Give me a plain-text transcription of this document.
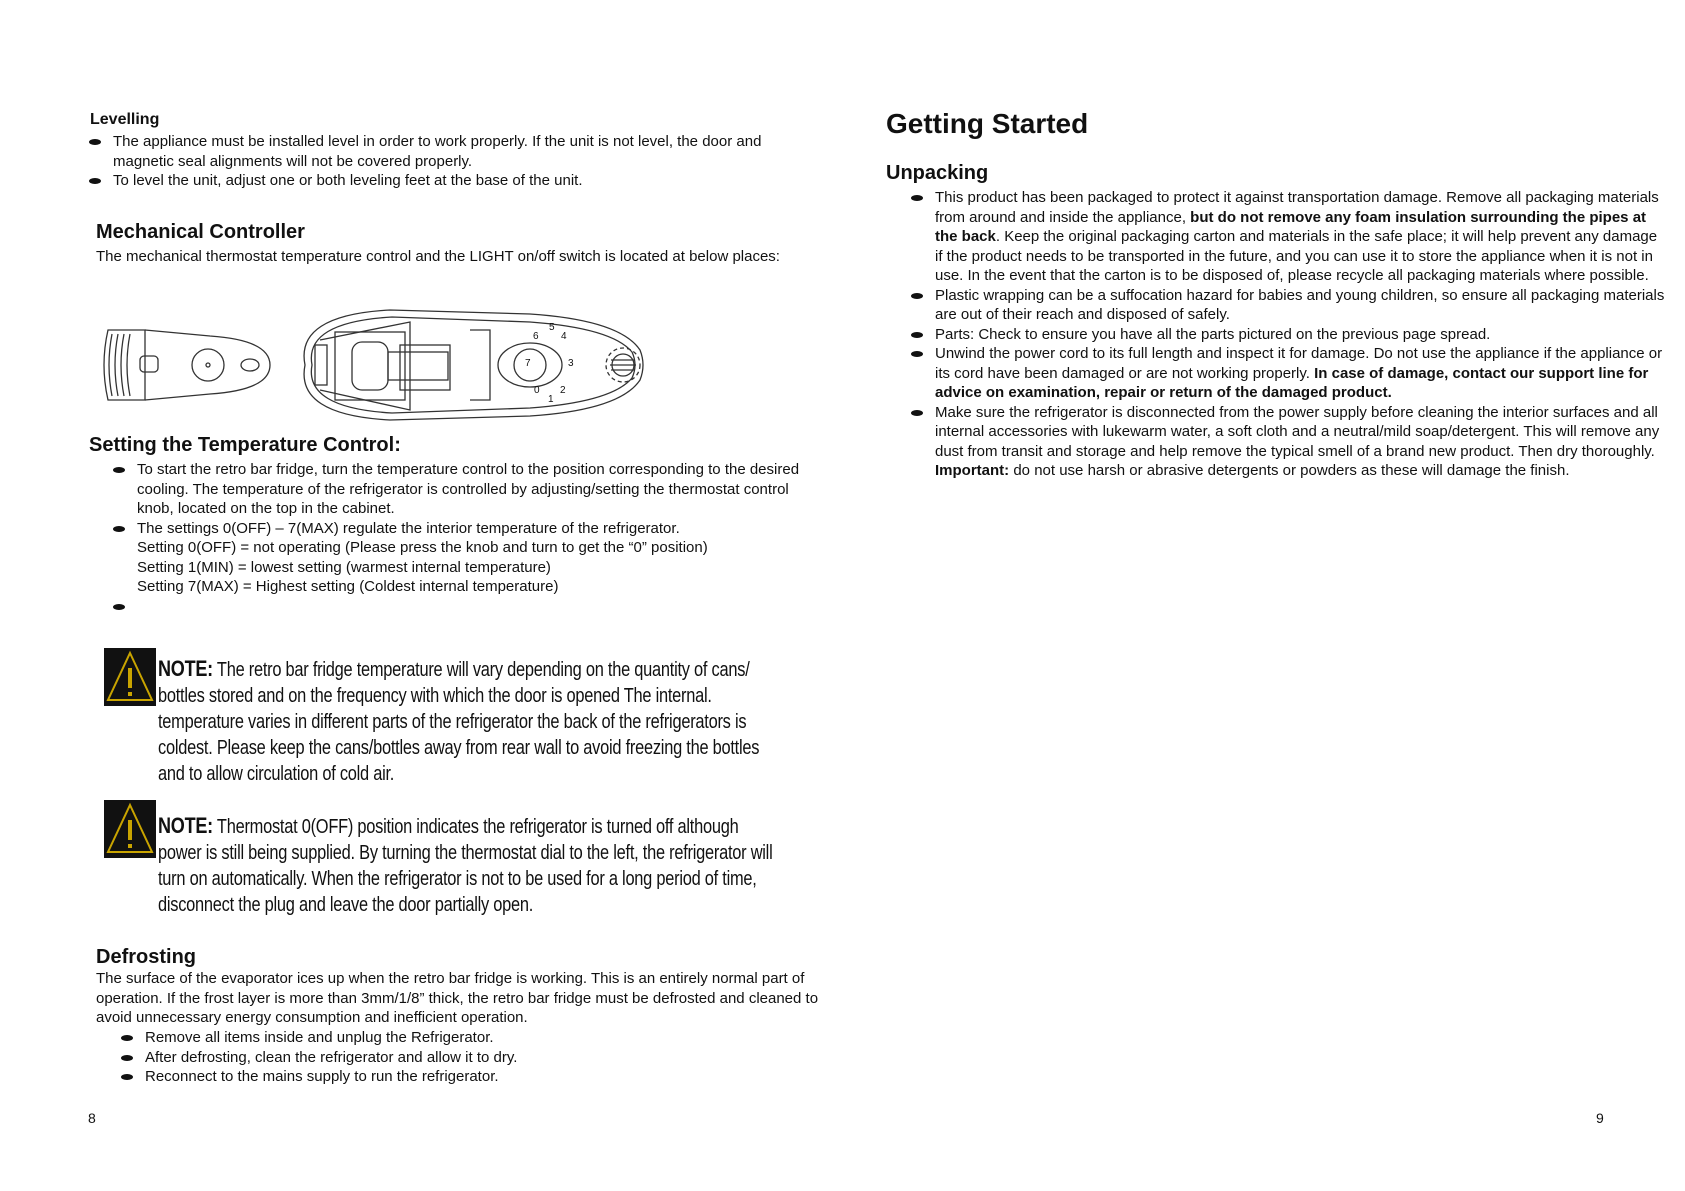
Levelling
The appliance must be installed level in order to work properly. If the unit is not level, the door and magnetic seal alignments will not be covered properly.
To level the unit, adjust one or both leveling feet at the base of the unit.
Mechanical Controller
The mechanical thermostat temperature control and the LIGHT on/off switch is located at below places:
5
4
6
3
7
2
0
1
Setting the Temperature Control:
To start the retro bar fridge, turn the temperature control to the position corresponding to the desired cooling. The temperature of the refrigerator is controlled by adjusting/setting the thermostat control knob, located on the top in the cabinet.
The settings 0(OFF) – 7(MAX) regulate the interior temperature of the refrigerator.
Setting 0(OFF) = not operating (Please press the knob and turn to get the “0” position)
Setting 1(MIN) = lowest setting (warmest internal temperature)
Setting 7(MAX) = Highest setting (Coldest internal temperature)
NOTE: The retro bar fridge temperature will vary depending on the quantity of cans/ bottles stored and on the frequency with which the door is opened The internal. temperature varies in different parts of the refrigerator the back of the refrigerators is coldest. Please keep the cans/bottles away from rear wall to avoid freezing the bottles and to allow circulation of cold air.
NOTE: Thermostat 0(OFF) position indicates the refrigerator is turned off although power is still being supplied. By turning the thermostat dial to the left, the refrigerator will turn on automatically. When the refrigerator is not to be used for a long period of time, disconnect the plug and leave the door partially open.
Defrosting
The surface of the evaporator ices up when the retro bar fridge is working. This is an entirely normal part of operation. If the frost layer is more than 3mm/1/8” thick, the retro bar fridge must be defrosted and cleaned to avoid unnecessary energy consumption and inefficient operation.
Remove all items inside and unplug the Refrigerator.
After defrosting, clean the refrigerator and allow it to dry.
Reconnect to the mains supply to run the refrigerator.
8
Getting Started
Unpacking
This product has been packaged to protect it against transportation damage. Remove all packaging materials from around and inside the appliance, but do not remove any foam insulation surrounding the pipes at the back. Keep the original packaging carton and materials in the safe place; it will help prevent any damage if the product needs to be transported in the future, and you can use it to store the appliance when it is not in use. In the event that the carton is to be disposed of, please recycle all packaging materials where possible.
Plastic wrapping can be a suffocation hazard for babies and young children, so ensure all packaging materials are out of their reach and disposed of safely.
Parts: Check to ensure you have all the parts pictured on the previous page spread.
Unwind the power cord to its full length and inspect it for damage. Do not use the appliance if the appliance or its cord have been damaged or are not working properly. In case of damage, contact our support line for advice on examination, repair or return of the damaged product.
Make sure the refrigerator is disconnected from the power supply before cleaning the interior surfaces and all internal accessories with lukewarm water, a soft cloth and a neutral/mild soap/detergent. This will remove any dust from transit and storage and help remove the typical smell of a brand new product. Then dry thoroughly. Important: do not use harsh or abrasive detergents or powders as these will damage the finish.
9
